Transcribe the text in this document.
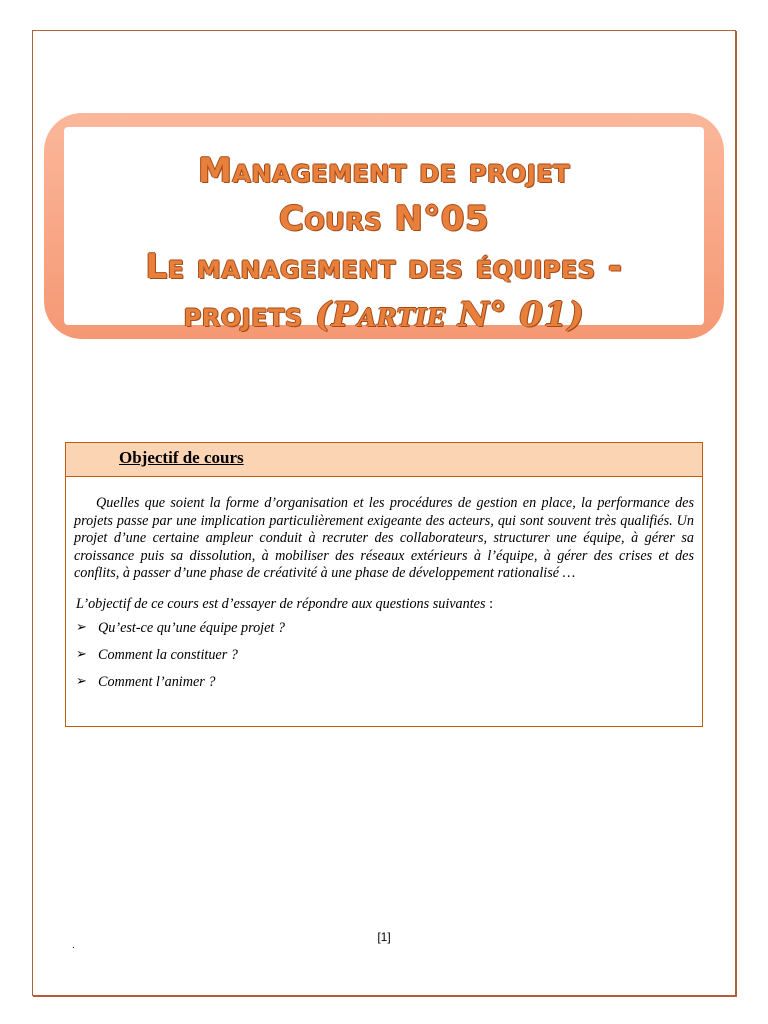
Management de projet
Cours N°05
Le management des équipes -
projets (Partie N° 01)
Objectif de cours

Quelles que soient la forme d’organisation et les procédures de gestion en place, la performance des projets passe par une implication particulièrement exigeante des acteurs, qui sont souvent très qualifiés. Un projet d’une certaine ampleur conduit à recruter des collaborateurs, structurer une équipe, à gérer sa croissance puis sa dissolution, à mobiliser des réseaux extérieurs à l’équipe, à gérer des crises et des conflits, à passer d’une phase de créativité à une phase de développement rationalisé …

L’objectif de ce cours est d’essayer de répondre aux questions suivantes :

➢ Qu’est-ce qu’une équipe projet ?
➢ Comment la constituer ?
➢ Comment l’animer ?
[1]
.
